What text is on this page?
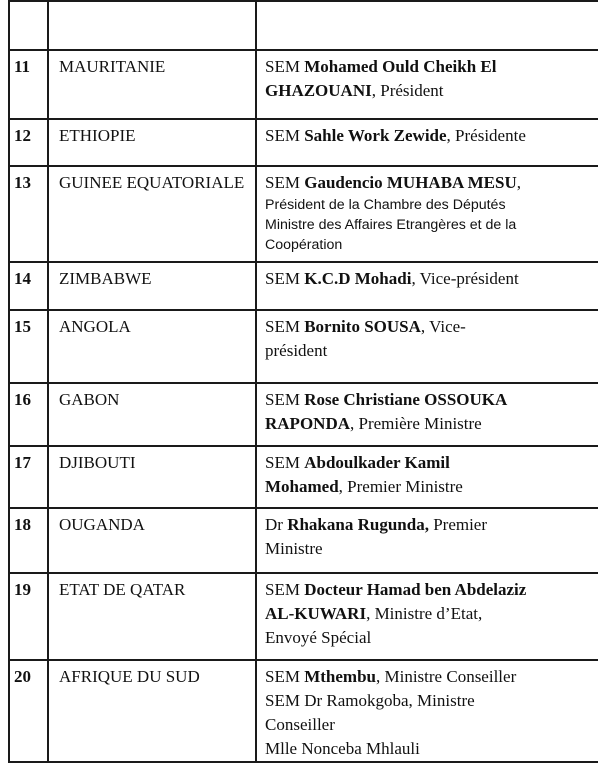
11	MAURITANIE	SEM Mohamed Ould Cheikh El
GHAZOUANI, Président

12	ETHIOPIE	SEM Sahle Work Zewide, Présidente

13	GUINEE EQUATORIALE	SEM Gaudencio MUHABA MESU,
Président de la Chambre des Députés
Ministre des Affaires Etrangères et de la
Coopération

14	ZIMBABWE	SEM K.C.D Mohadi, Vice-président

15	ANGOLA	SEM Bornito SOUSA, Vice-
président

16	GABON	SEM Rose Christiane OSSOUKA
RAPONDA, Première Ministre

17	DJIBOUTI	SEM Abdoulkader Kamil
Mohamed, Premier Ministre

18	OUGANDA	Dr Rhakana Rugunda, Premier
Ministre

19	ETAT DE QATAR	SEM Docteur Hamad ben Abdelaziz
AL-KUWARI, Ministre d’Etat,
Envoyé Spécial

20	AFRIQUE DU SUD	SEM Mthembu, Ministre Conseiller
SEM Dr Ramokgoba, Ministre
Conseiller
Mlle Nonceba Mhlauli
